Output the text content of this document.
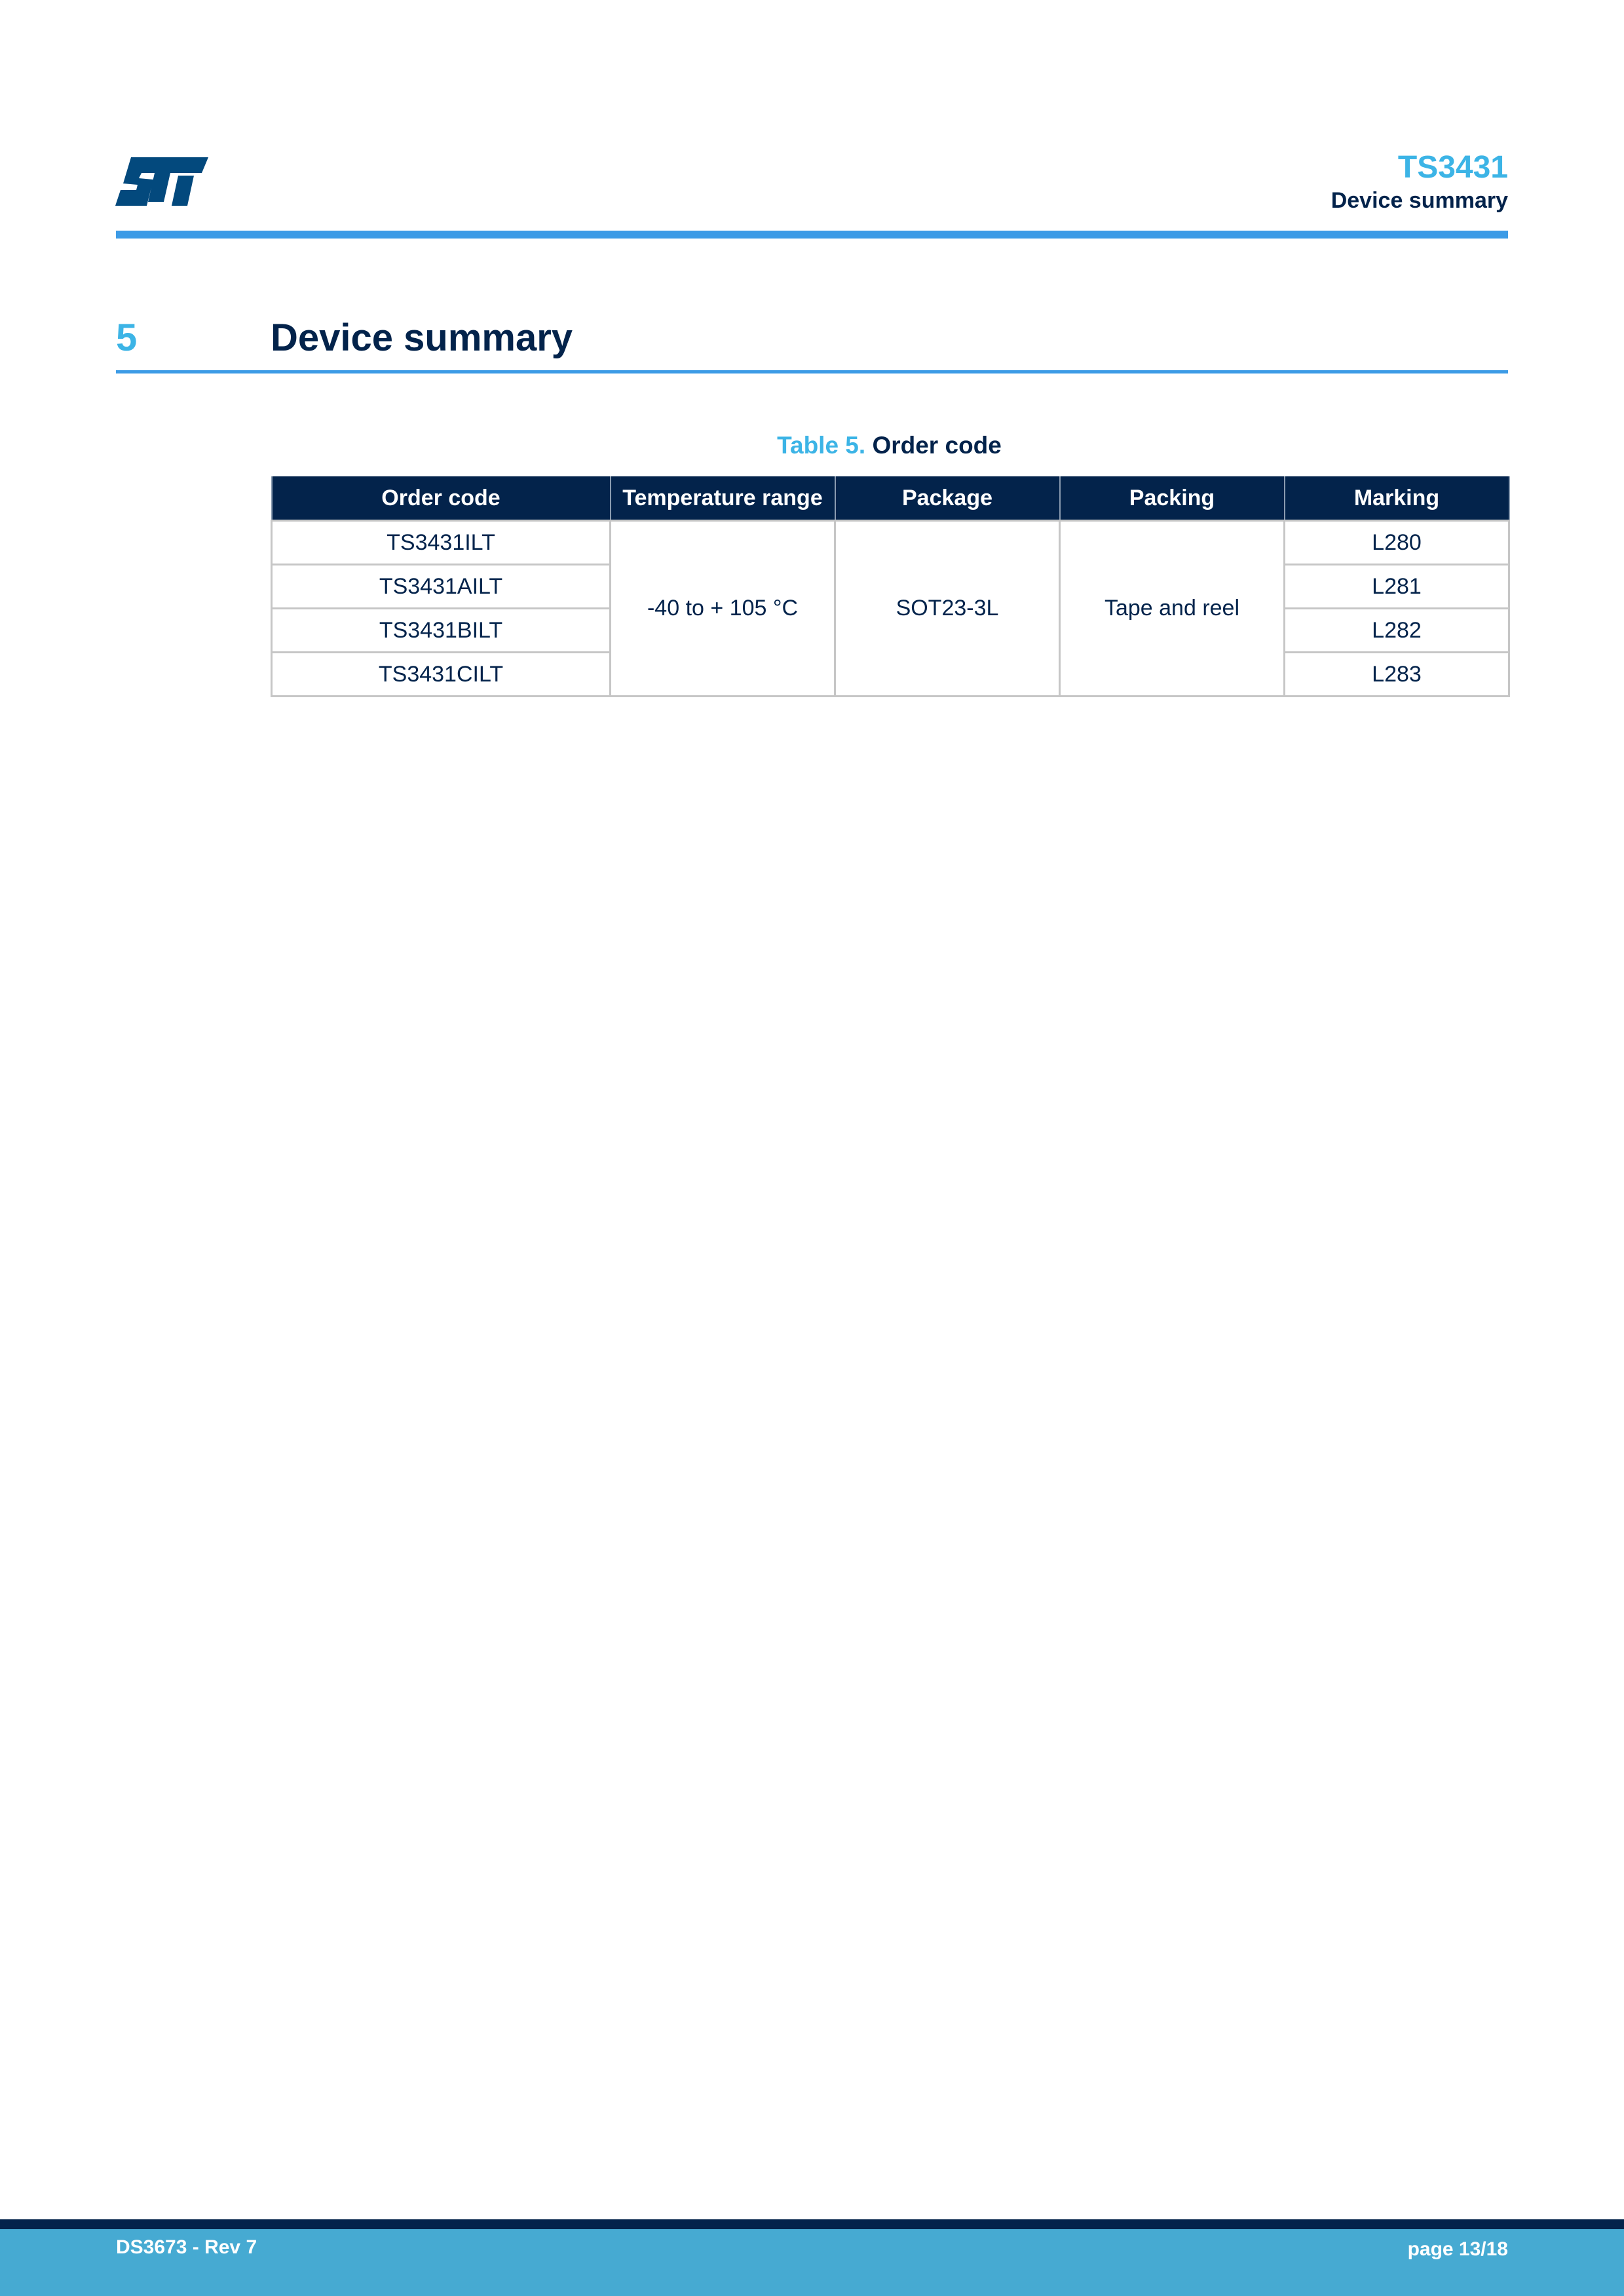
TS3431
Device summary
5	Device summary
Table 5. Order code
Order code	Temperature range	Package	Packing	Marking
TS3431ILT	-40 to + 105 °C	SOT23-3L	Tape and reel	L280
TS3431AILT				L281
TS3431BILT				L282
TS3431CILT				L283
DS3673 - Rev 7	page 13/18
